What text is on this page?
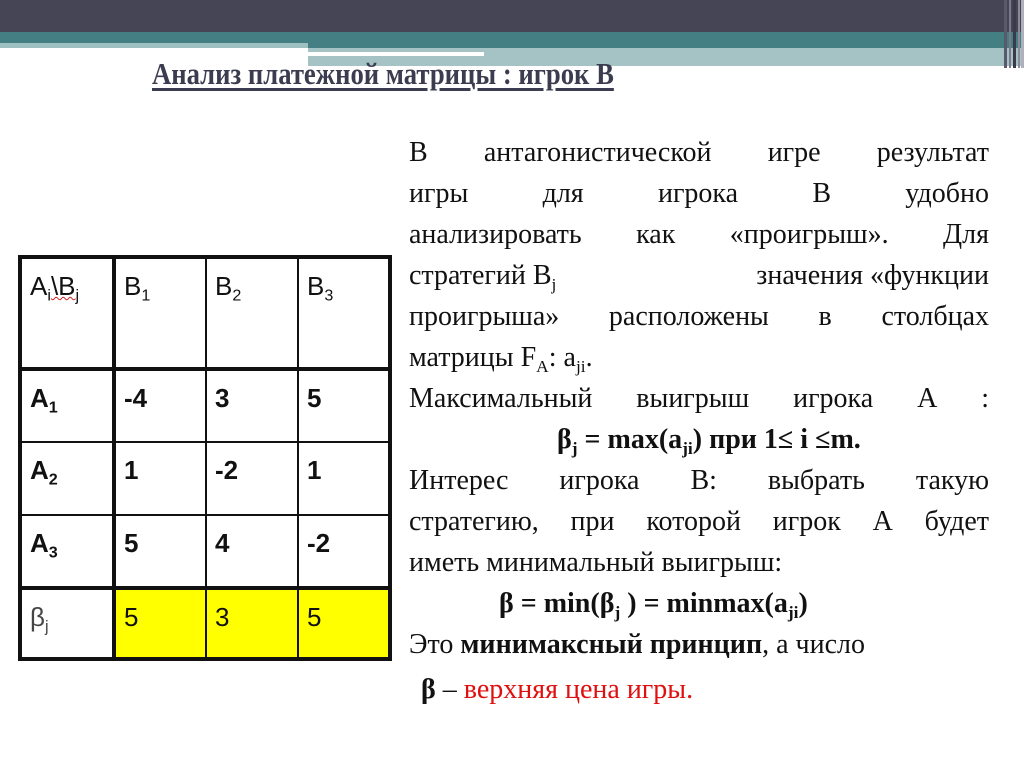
Анализ платежной матрицы : игрок В
$A_i\backslash B_j$	$B_1$	$B_2$	$B_3$
$A_1$	-4	3	5
$A_2$	1	-2	1
$A_3$	5	4	-2
$\beta_j$	5	3	5
В антагонистической игре результат
игры для игрока В удобно
анализировать как «проигрыш». Для
стратегий $B_j$	значения «функции
проигрыша» расположены в столбцах
матрицы $F_A$: $a_{ji}$.
Максимальный выигрыш игрока А :
$\beta_j = \max(a_{ji})$ при 1≤ i ≤m.
Интерес игрока В: выбрать такую
стратегию, при которой игрок А будет
иметь минимальный выигрыш:
$\beta = \min(\beta_j$ ) = $minmax(a_{ji})$
Это минимаксный принцип, а число
β – верхняя цена игры.
